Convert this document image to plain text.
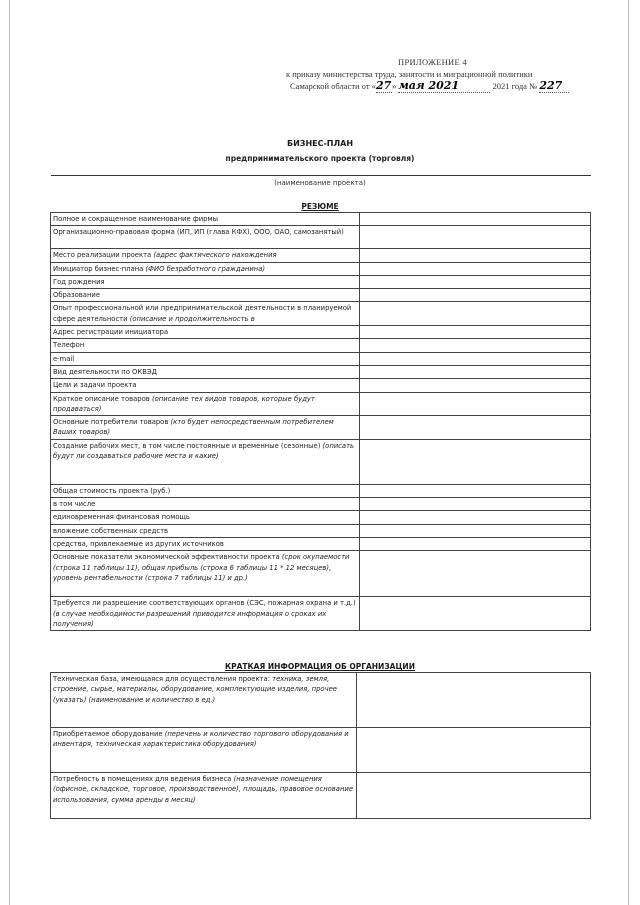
ПРИЛОЖЕНИЕ 4
к приказу министерства труда, занятости и миграционной политики
Самарской области от «27» мая 2021	2021 года № 227
БИЗНЕС-ПЛАН
предпринимательского проекта (торговля)
(наименование проекта)
РЕЗЮМЕ
Полное и сокращенное наименование фирмы	
Организационно-правовая форма (ИП, ИП (глава КФХ), ООО, ОАО, самозанятый)	
Место реализации проекта (адрес фактического нахождения	
Инициатор бизнес-плана (ФИО безработного гражданина)	
Год рождения	
Образование	
Опыт профессиональной или предпринимательской деятельности в планируемой сфере деятельности (описание и продолжительность в	
Адрес регистрации инициатора	
Телефон	
e-mail	
Вид деятельности по ОКВЭД	
Цели и задачи проекта	
Краткое описание товаров (описание тех видов товаров, которые будут продаваться)	
Основные потребители товаров (кто будет непосредственным потребителем Ваших товаров)	
Создание рабочих мест, в том числе постоянные и временные (сезонные) (описать будут ли создаваться рабочие места и какие)	
Общая стоимость проекта (руб.)	
в том числе	
единовременная финансовая помощь	
вложение собственных средств	
средства, привлекаемые из других источников	
Основные показатели экономической эффективности проекта (срок окупаемости (строка 11 таблицы 11), общая прибыль (строка 6 таблицы 11 * 12 месяцев), уровень рентабельности (строка 7 таблицы 11) и др.)	
Требуется ли разрешение соответствующих органов (СЭС, пожарная охрана и т.д.) (в случае необходимости разрешений приводится информация о сроках их получения)	
КРАТКАЯ ИНФОРМАЦИЯ ОБ ОРГАНИЗАЦИИ
Техническая база, имеющаяся для осуществления проекта: техника, земля, строение, сырье, материалы, оборудование, комплектующие изделия, прочее (указать) (наименование и количество в ед.)	
Приобретаемое оборудование (перечень и количество торгового оборудования и инвентаря, техническая характеристика оборудования)	
Потребность в помещениях для ведения бизнеса (назначение помещения (офисное, складское, торговое, производственное), площадь, правовое основание использования, сумма аренды в месяц)	
